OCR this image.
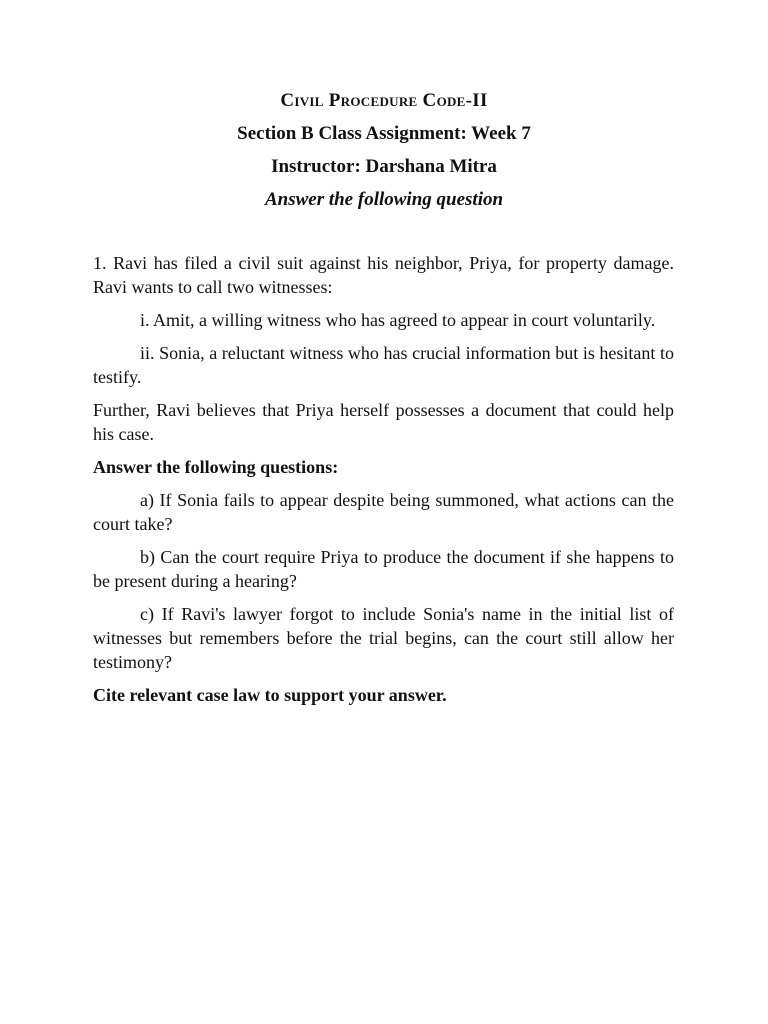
Civil Procedure Code-II
Section B Class Assignment: Week 7
Instructor: Darshana Mitra
Answer the following question

1. Ravi has filed a civil suit against his neighbor, Priya, for property damage. Ravi wants to call two witnesses:

i. Amit, a willing witness who has agreed to appear in court voluntarily.

ii. Sonia, a reluctant witness who has crucial information but is hesitant to testify.

Further, Ravi believes that Priya herself possesses a document that could help his case.

Answer the following questions:

a) If Sonia fails to appear despite being summoned, what actions can the court take?

b) Can the court require Priya to produce the document if she happens to be present during a hearing?

c) If Ravi's lawyer forgot to include Sonia's name in the initial list of witnesses but remembers before the trial begins, can the court still allow her testimony?

Cite relevant case law to support your answer.
